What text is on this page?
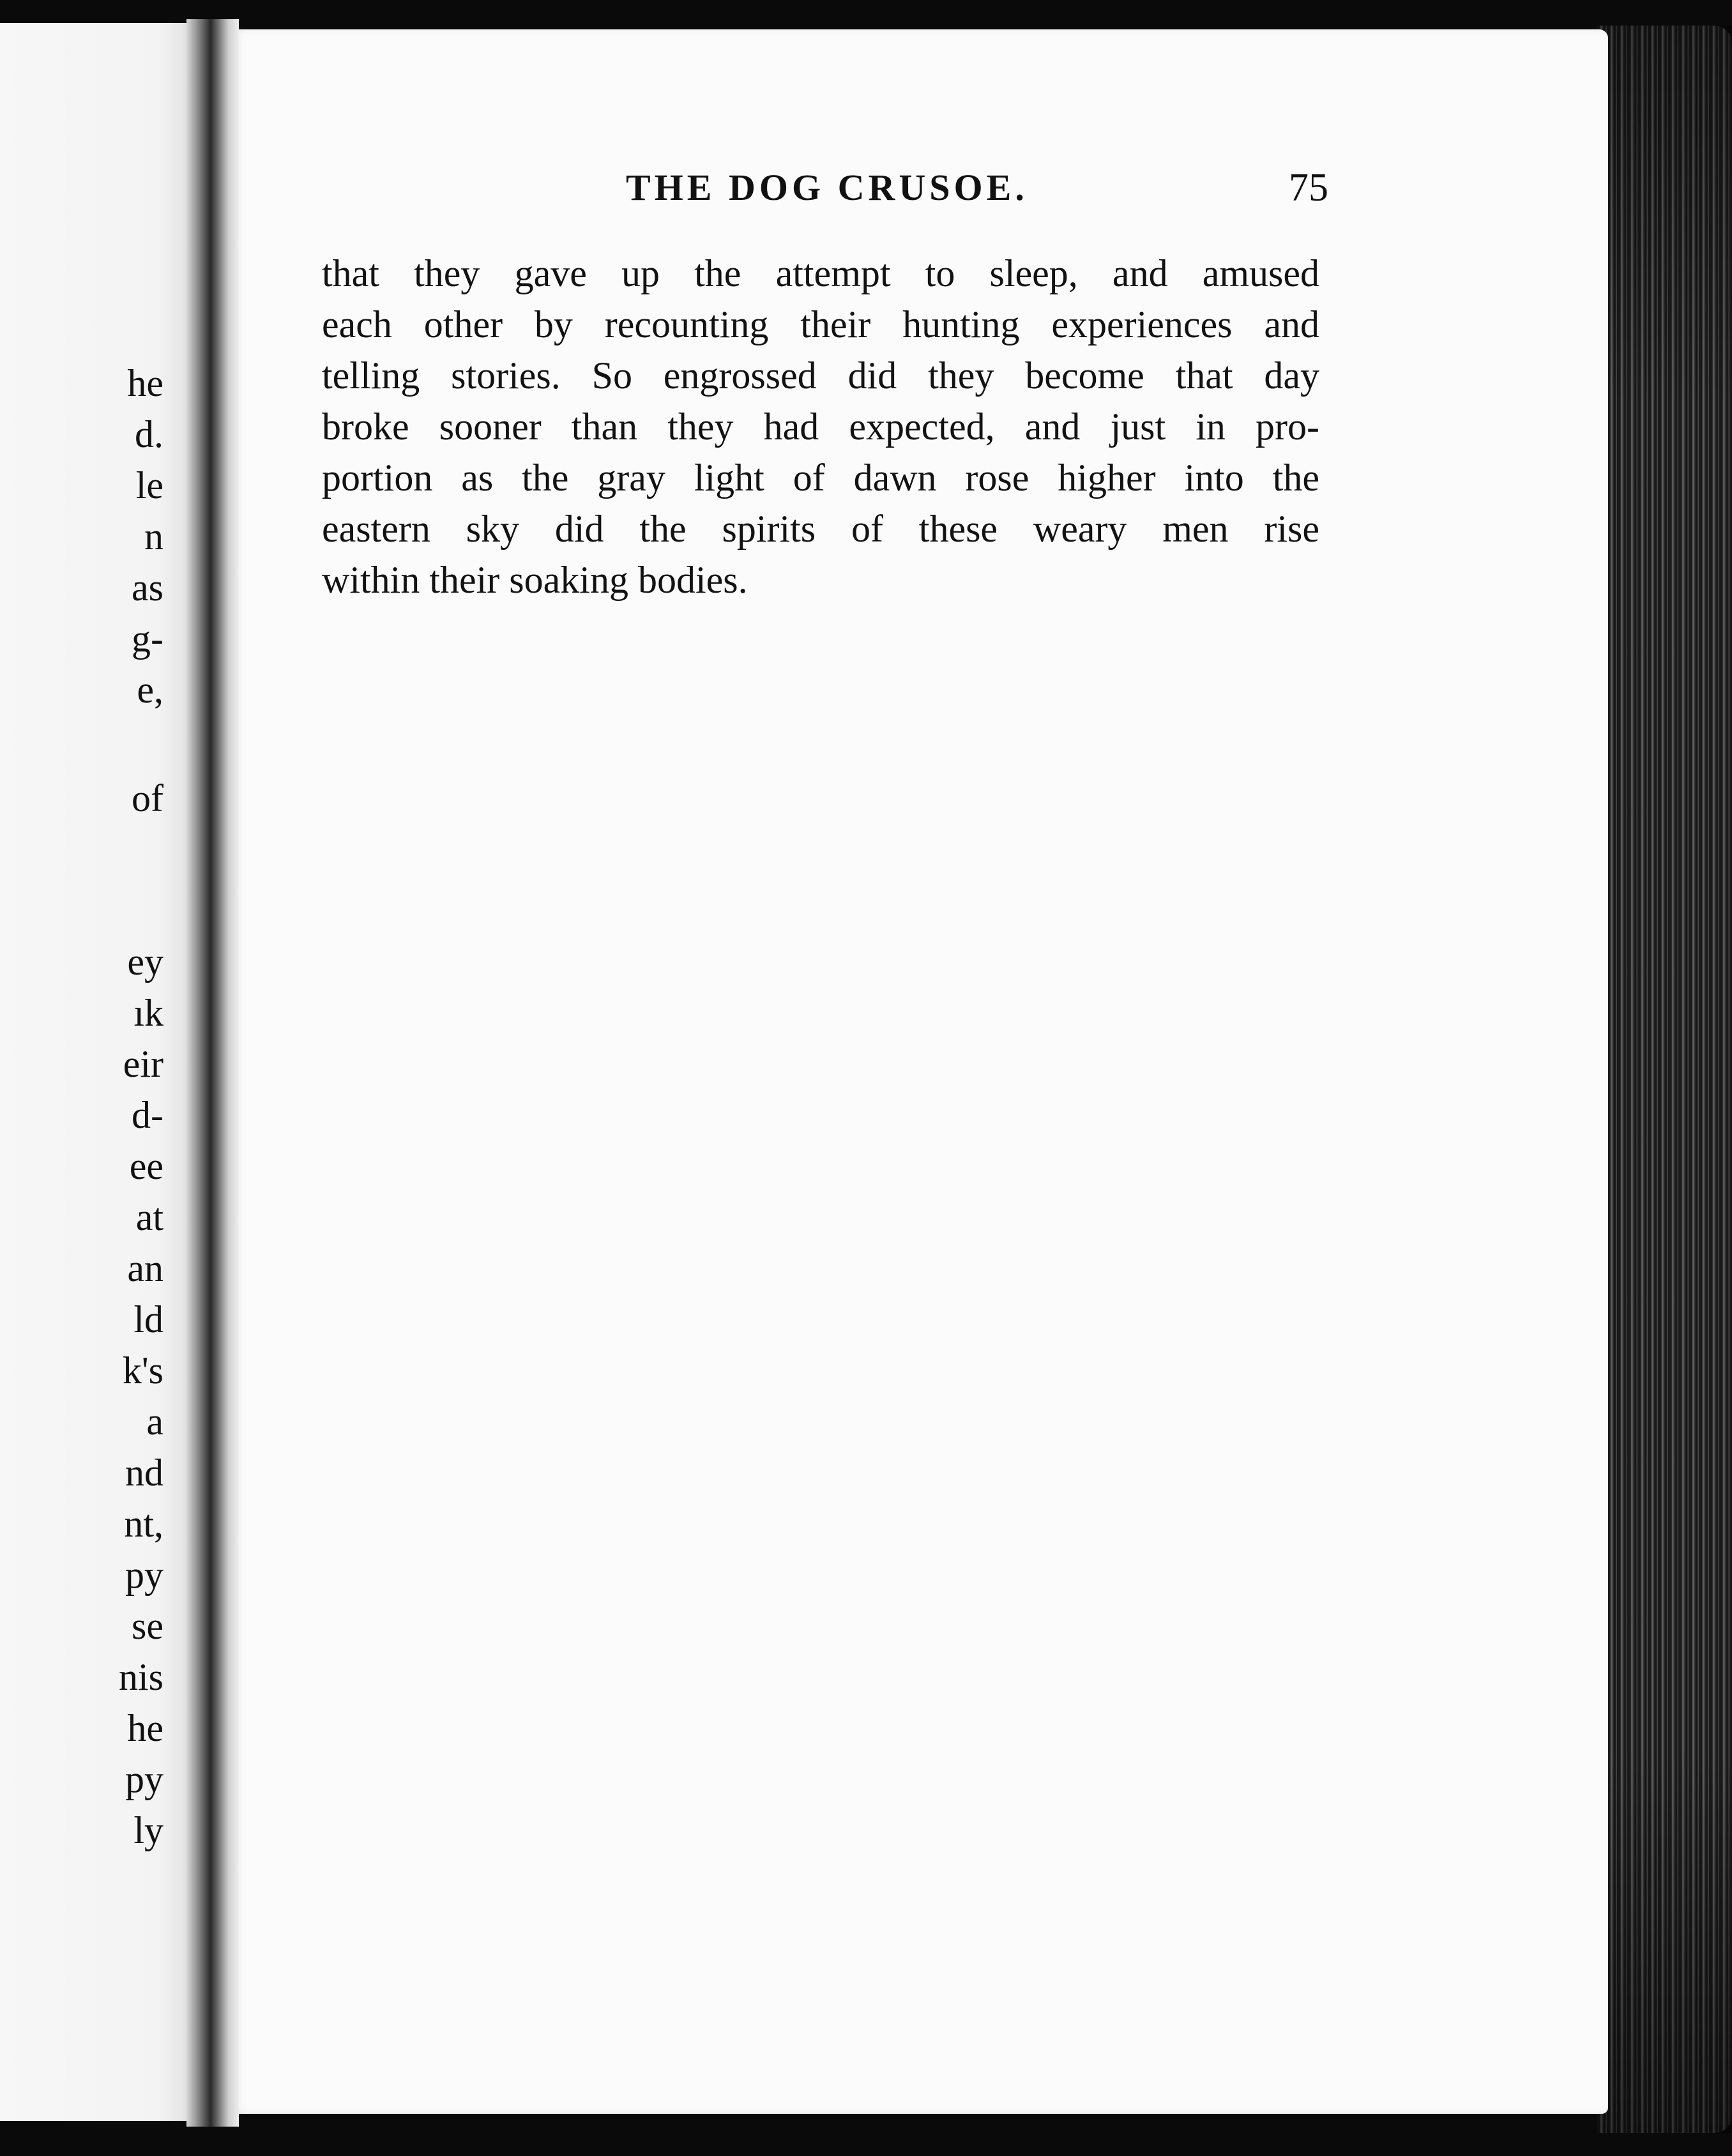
he
d.
le
n
as
g-
e,
of
ey
ık
eir
d-
ee
at
an
ld
k's
a
nd
nt,
py
se
nis
he
py
ly
THE DOG CRUSOE.	75
that they gave up the attempt to sleep, and amused
each other by recounting their hunting experiences and
telling stories. So engrossed did they become that day
broke sooner than they had expected, and just in pro-
portion as the gray light of dawn rose higher into the
eastern sky did the spirits of these weary men rise
within their soaking bodies.
